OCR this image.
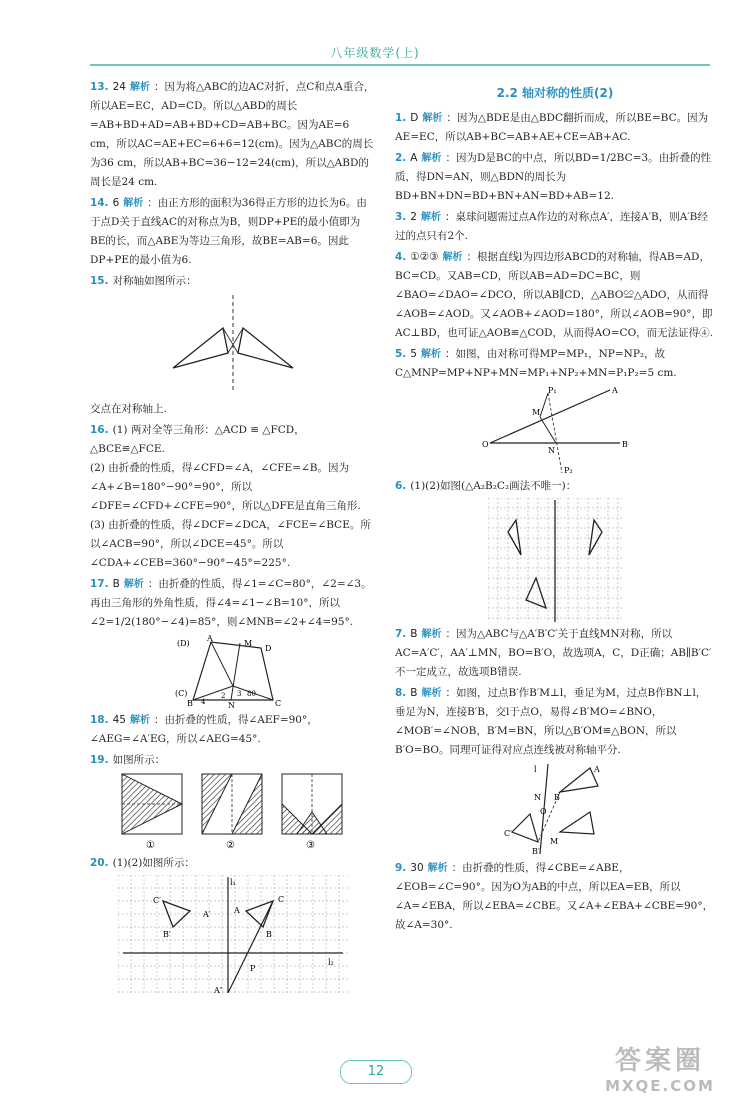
八年级数学(上)
13. 24 解析 ：因为将△ABC的边AC对折，点C和点A重合，所以AE=EC，AD=CD。所以△ABD的周长=AB+BD+AD=AB+BD+CD=AB+BC。因为AE=6 cm，所以AC=AE+EC=6+6=12(cm)。因为△ABC的周长为36 cm，所以AB+BC=36−12=24(cm)，所以△ABD的周长是24 cm.
14. 6 解析 ：由正方形的面积为36得正方形的边长为6。由于点D关于直线AC的对称点为B，则DP+PE的最小值即为BE的长，而△ABE为等边三角形，故BE=AB=6。因此DP+PE的最小值为6.
15. 对称轴如图所示：
交点在对称轴上.
16. (1) 两对全等三角形：△ACD ≌ △FCD，△BCE≌△FCE.
(2) 由折叠的性质，得∠CFD=∠A，∠CFE=∠B。因为∠A+∠B=180°−90°=90°，所以∠DFE=∠CFD+∠CFE=90°，所以△DFE是直角三角形.
(3) 由折叠的性质，得∠DCF=∠DCA，∠FCE=∠BCE。所以∠ACB=90°，所以∠DCE=45°。所以∠CDA+∠CEB=360°−90°−45°=225°.
17. B 解析 ：由折叠的性质，得∠1=∠C=80°，∠2=∠3。再由三角形的外角性质，得∠4=∠1−∠B=10°，所以∠2=1/2(180°−∠4)=85°，则∠MNB=∠2+∠4=95°.
A
M
D
(D)
(C)
B	N	C
2 3 80
4
18. 45 解析 ：由折叠的性质，得∠AEF=90°，∠AEG=∠A′EG，所以∠AEG=45°.
19. 如图所示：
①	②	③
20. (1)(2)如图所示：
C′	C
B′	B
A′	A
P
A″
l₁
l₂
2.2 轴对称的性质(2)
1. D 解析 ：因为△BDE是由△BDC翻折而成，所以BE=BC。因为AE=EC，所以AB+BC=AB+AE+CE=AB+AC.
2. A 解析 ：因为D是BC的中点，所以BD=1/2BC=3。由折叠的性质，得DN=AN，则△BDN的周长为BD+BN+DN=BD+BN+AN=BD+AB=12.
3. 2 解析 ：桌球问题需过点A作边的对称点A′，连接A′B，则A′B经过的点只有2个.
4. ①②③ 解析 ：根据直线l为四边形ABCD的对称轴，得AB=AD，BC=CD。又AB=CD，所以AB=AD=DC=BC，则∠BAO=∠DAO=∠DCO，所以AB∥CD，△ABO≌△ADO，从而得∠AOB=∠AOD。又∠AOB+∠AOD=180°，所以∠AOB=90°，即AC⊥BD，也可证△AOB≌△COD，从而得AO=CO，而无法证得④.
5. 5 解析 ：如图，由对称可得MP=MP₁，NP=NP₂，故C△MNP=MP+NP+MN=MP₁+NP₂+MN=P₁P₂=5 cm.
O
A
B
P₁
M
P₂
N
6. (1)(2)如图(△A₂B₂C₂画法不唯一)：
7. B 解析 ：因为△ABC与△A′B′C′关于直线MN对称，所以AC=A′C′，AA′⊥MN，BO=B′O，故选项A，C，D正确；AB∥B′C′不一定成立，故选项B错误.
8. B 解析 ：如图，过点B′作B′M⊥l，垂足为M，过点B作BN⊥l，垂足为N，连接B′B，交l于点O，易得∠B′MO=∠BNO，∠MOB′=∠NOB，B′M=BN，所以△B′OM≌△BON，所以B′O=BO。同理可证得对应点连线被对称轴平分.
l	A
N B
O
M
C′
B′
9. 30 解析 ：由折叠的性质，得∠CBE=∠ABE，∠EOB=∠C=90°。因为O为AB的中点，所以EA=EB，所以∠A=∠EBA，所以∠EBA=∠CBE。又∠A+∠EBA+∠CBE=90°，故∠A=30°.
12	答案圈
MXQE.COM
